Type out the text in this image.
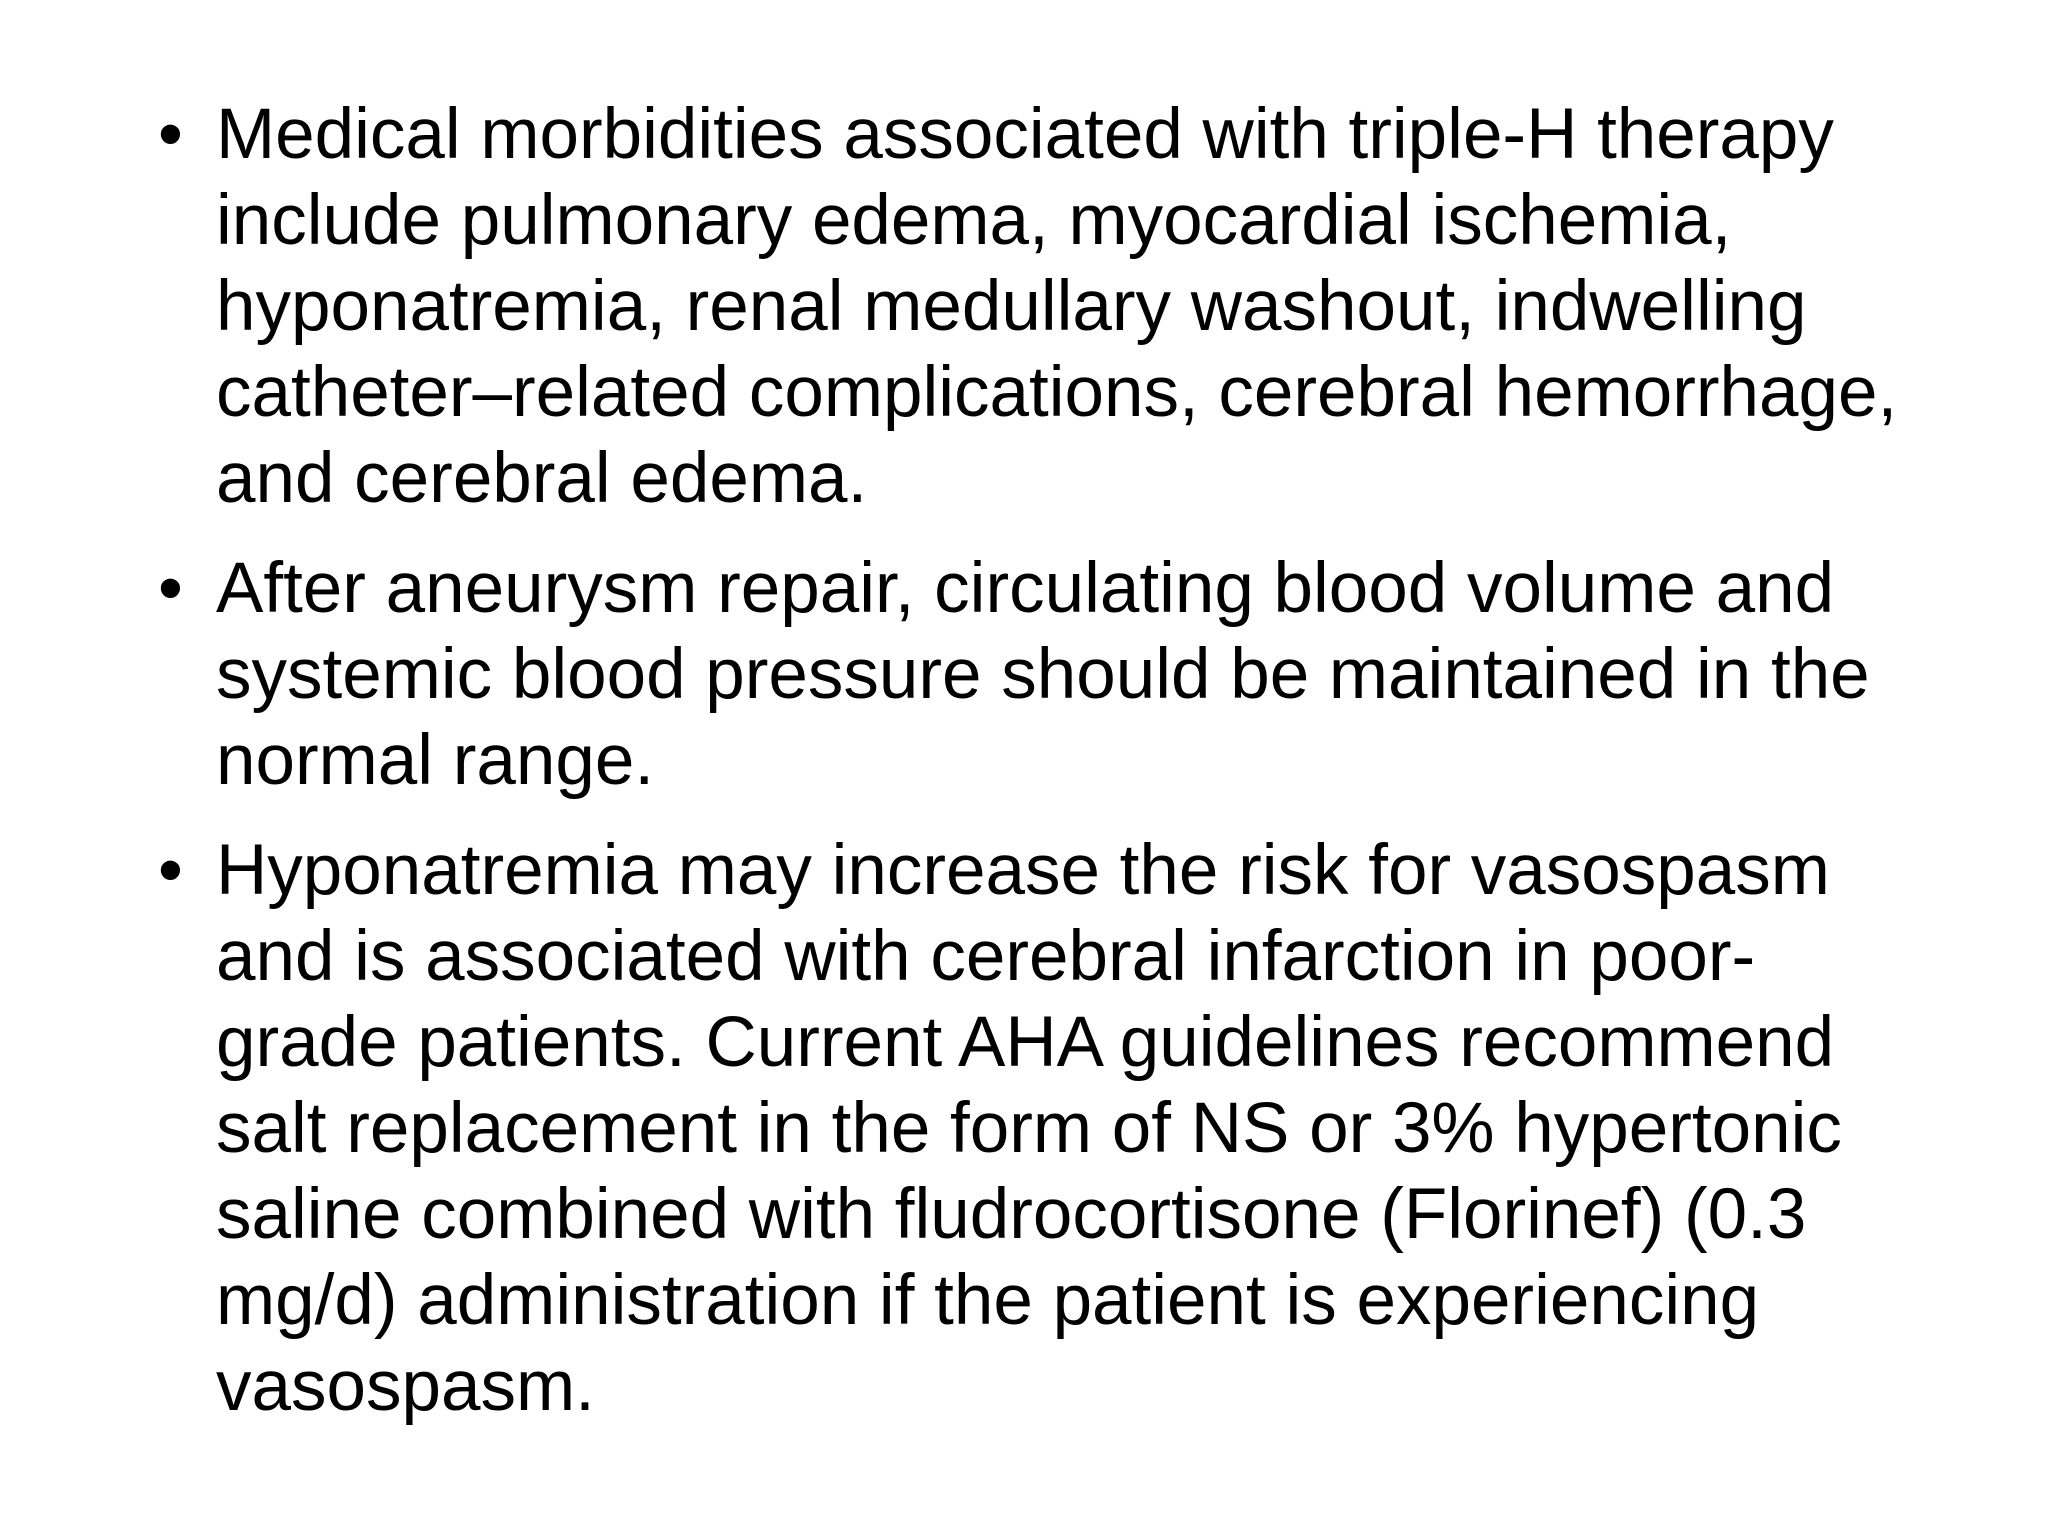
• Medical morbidities associated with triple-H therapy include pulmonary edema, myocardial ischemia, hyponatremia, renal medullary washout, indwelling catheter–related complications, cerebral hemorrhage, and cerebral edema.
• After aneurysm repair, circulating blood volume and systemic blood pressure should be maintained in the normal range.
• Hyponatremia may increase the risk for vasospasm and is associated with cerebral infarction in poor-grade patients. Current AHA guidelines recommend salt replacement in the form of NS or 3% hypertonic saline combined with fludrocortisone (Florinef) (0.3 mg/d) administration if the patient is experiencing vasospasm.
